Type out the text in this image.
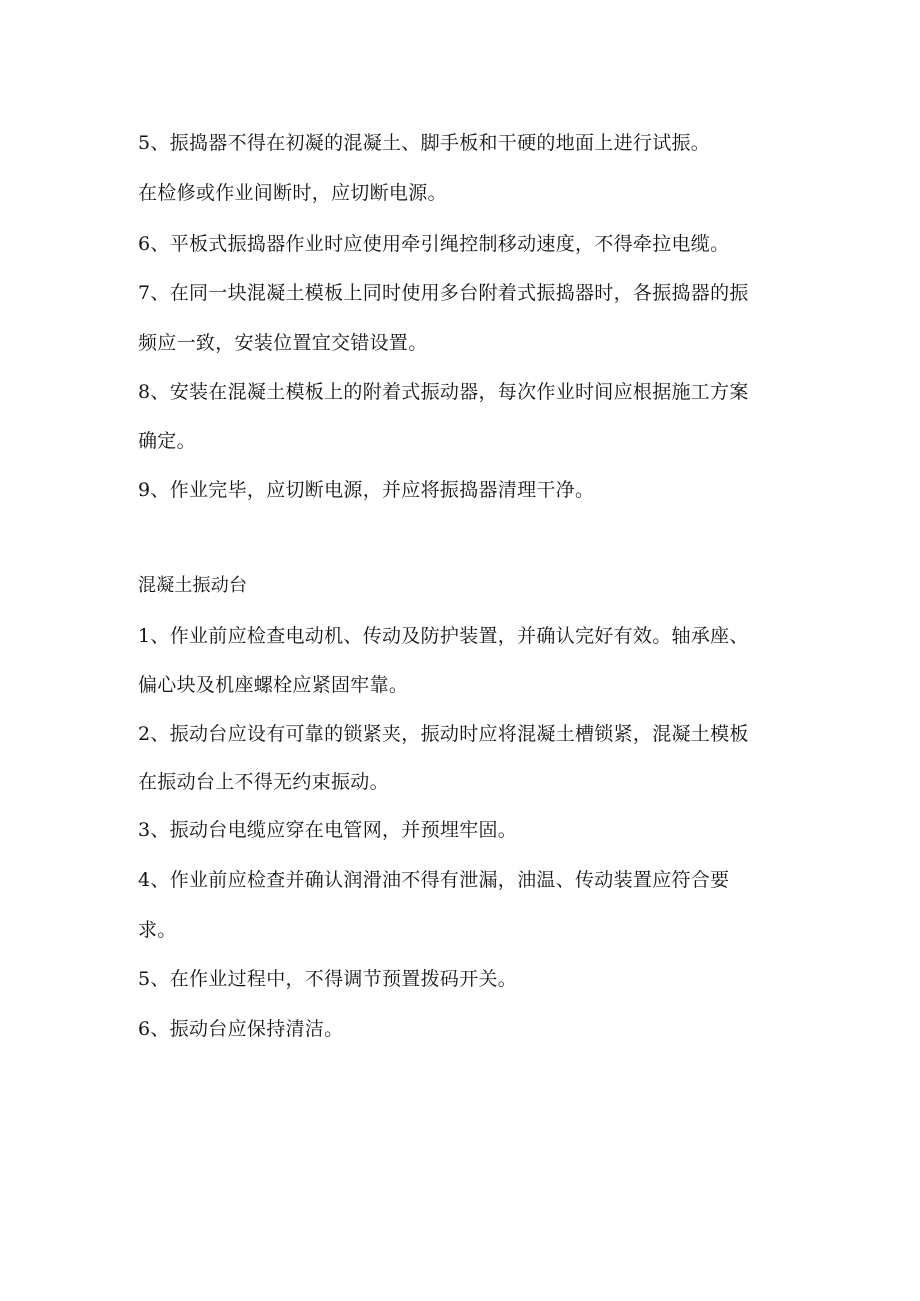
5、振捣器不得在初凝的混凝土、脚手板和干硬的地面上进行试振。
在检修或作业间断时，应切断电源。
6、平板式振捣器作业时应使用牵引绳控制移动速度，不得牵拉电缆。
7、在同一块混凝土模板上同时使用多台附着式振捣器时，各振捣器的振
频应一致，安装位置宜交错设置。
8、安装在混凝土模板上的附着式振动器，每次作业时间应根据施工方案
确定。
9、作业完毕，应切断电源，并应将振捣器清理干净。
混凝土振动台
1、作业前应检查电动机、传动及防护装置，并确认完好有效。轴承座、
偏心块及机座螺栓应紧固牢靠。
2、振动台应设有可靠的锁紧夹，振动时应将混凝土槽锁紧，混凝土模板
在振动台上不得无约束振动。
3、振动台电缆应穿在电管网，并预埋牢固。
4、作业前应检查并确认润滑油不得有泄漏，油温、传动装置应符合要
求。
5、在作业过程中，不得调节预置拨码开关。
6、振动台应保持清洁。
